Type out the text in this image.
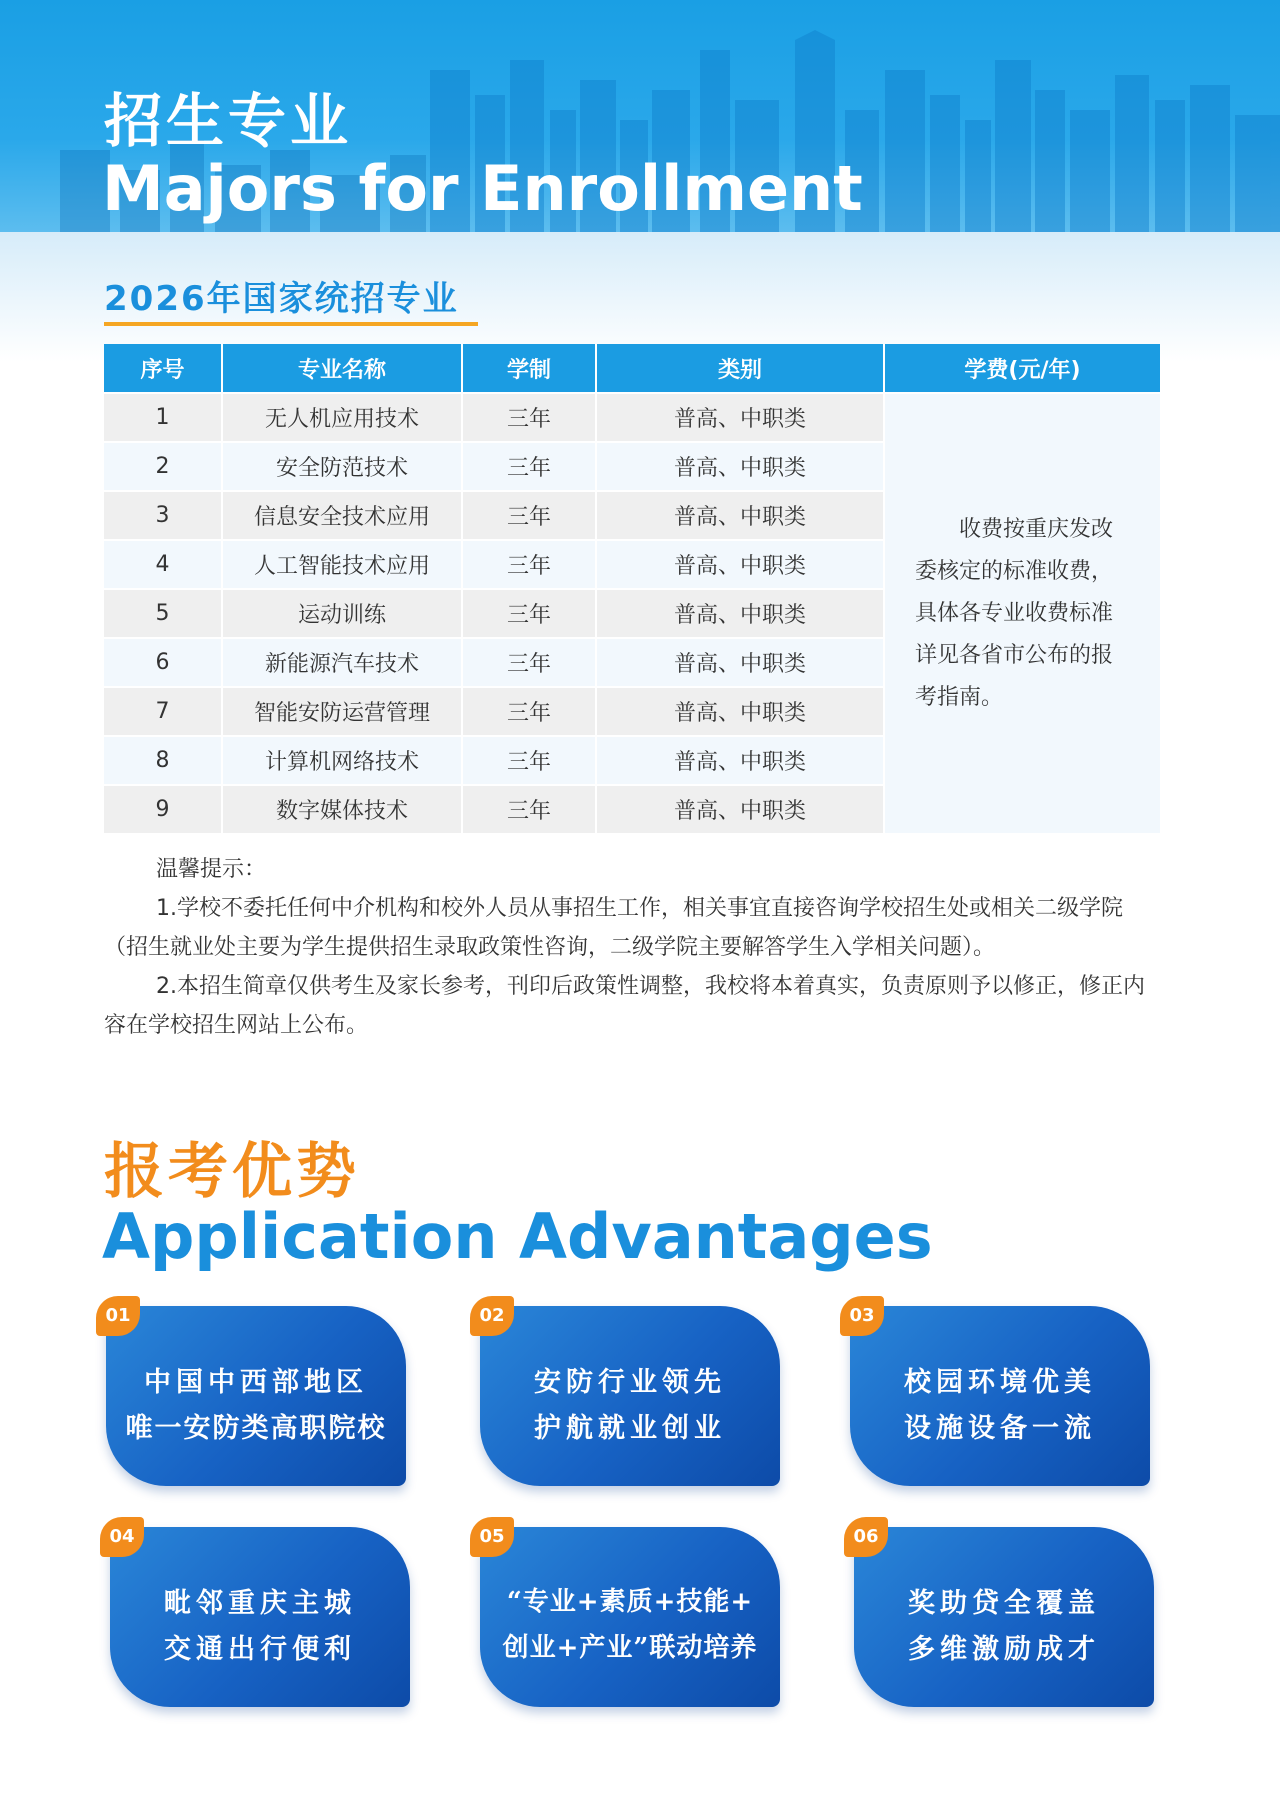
招生专业
Majors for Enrollment
2026年国家统招专业
序号	专业名称	学制	类别	学费(元/年)
1	无人机应用技术	三年	普高、中职类	收费按重庆发改委核定的标准收费，具体各专业收费标准详见各省市公布的报考指南。

2	安全防范技术	三年	普高、中职类	
3	信息安全技术应用	三年	普高、中职类	
4	人工智能技术应用	三年	普高、中职类	
5	运动训练	三年	普高、中职类	
6	新能源汽车技术	三年	普高、中职类	
7	智能安防运营管理	三年	普高、中职类	
8	计算机网络技术	三年	普高、中职类	
9	数字媒体技术	三年	普高、中职类	

温馨提示：

1.学校不委托任何中介机构和校外人员从事招生工作，相关事宜直接咨询学校招生处或相关二级学院（招生就业处主要为学生提供招生录取政策性咨询，二级学院主要解答学生入学相关问题）。

2.本招生简章仅供考生及家长参考，刊印后政策性调整，我校将本着真实，负责原则予以修正，修正内容在学校招生网站上公布。

报考优势
Application Advantages
01
中国中西部地区
唯一安防类高职院校
02
安防行业领先
护航就业创业
03
校园环境优美
设施设备一流
04
毗邻重庆主城
交通出行便利
05
“专业+素质+技能+
创业+产业”联动培养
06
奖助贷全覆盖
多维激励成才
